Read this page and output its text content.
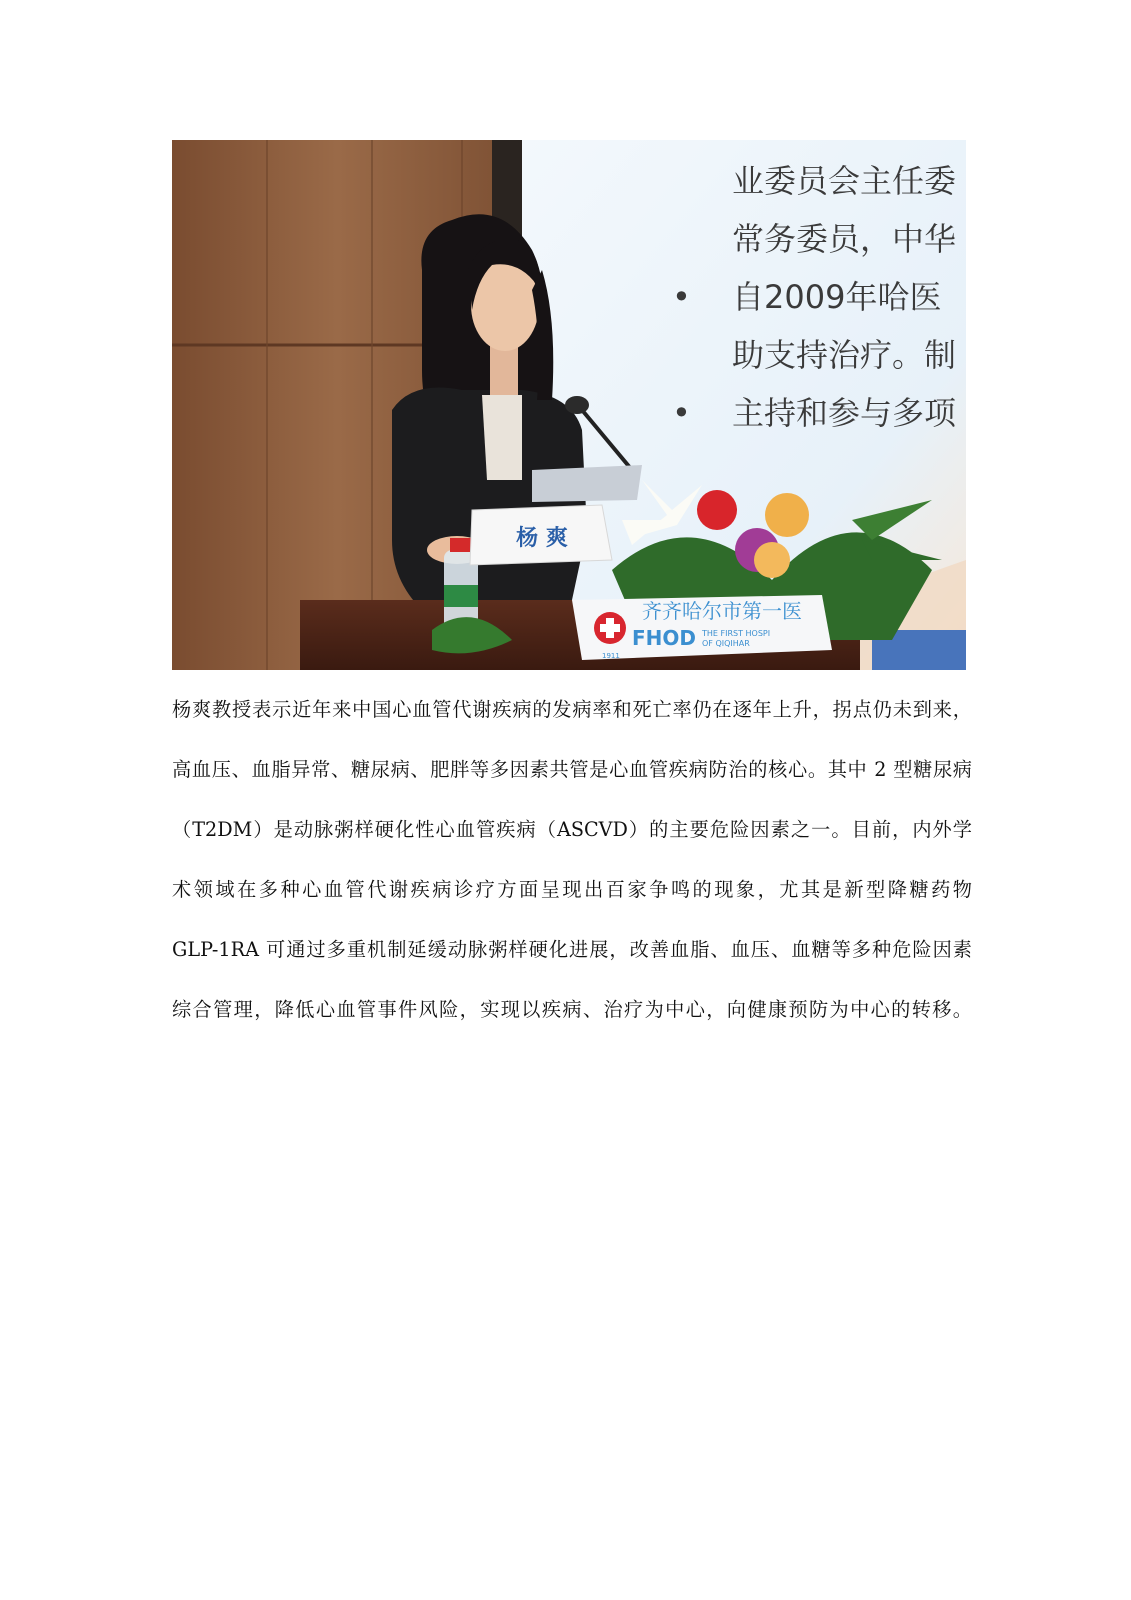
业委员会主任委
常务委员，中华
• 自2009年哈医
助支持治疗。制
• 主持和参与多项
杨 爽
齐齐哈尔市第一医
FHOD THE FIRST HOSPI
OF QIQIHAR
1911
杨爽教授表示近年来中国心血管代谢疾病的发病率和死亡率仍在逐年上升，拐点仍未到来，
高血压、血脂异常、糖尿病、肥胖等多因素共管是心血管疾病防治的核心。其中 2 型糖尿病
（T2DM）是动脉粥样硬化性心血管疾病（ASCVD）的主要危险因素之一。目前，内外学
术领域在多种心血管代谢疾病诊疗方面呈现出百家争鸣的现象，尤其是新型降糖药物
GLP-1RA 可通过多重机制延缓动脉粥样硬化进展，改善血脂、血压、血糖等多种危险因素
综合管理，降低心血管事件风险，实现以疾病、治疗为中心，向健康预防为中心的转移。
